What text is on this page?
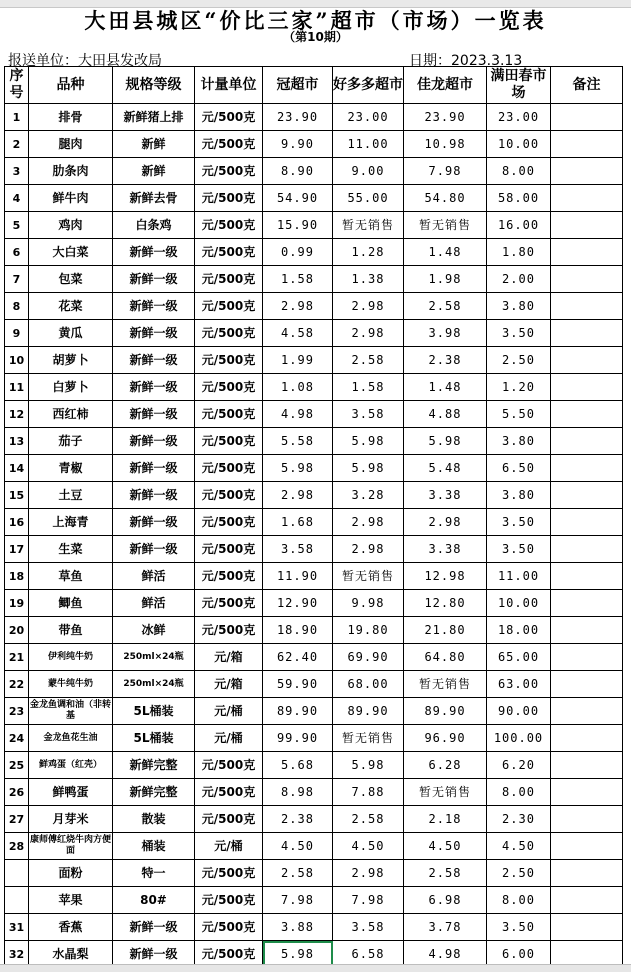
大田县城区“价比三家”超市（市场）一览表
（第10期）
报送单位：大田县发改局	日期：2023.3.13
序号	品种	规格等级	计量单位	冠超市	好多多超市	佳龙超市	满田春市场	备注
1	排骨	新鲜猪上排	元/500克	23.90	23.00	23.90	23.00	
2	腿肉	新鲜	元/500克	9.90	11.00	10.98	10.00	
3	肋条肉	新鲜	元/500克	8.90	9.00	7.98	8.00	
4	鲜牛肉	新鲜去骨	元/500克	54.90	55.00	54.80	58.00	
5	鸡肉	白条鸡	元/500克	15.90	暂无销售	暂无销售	16.00	
6	大白菜	新鲜一级	元/500克	0.99	1.28	1.48	1.80	
7	包菜	新鲜一级	元/500克	1.58	1.38	1.98	2.00	
8	花菜	新鲜一级	元/500克	2.98	2.98	2.58	3.80	
9	黄瓜	新鲜一级	元/500克	4.58	2.98	3.98	3.50	
10	胡萝卜	新鲜一级	元/500克	1.99	2.58	2.38	2.50	
11	白萝卜	新鲜一级	元/500克	1.08	1.58	1.48	1.20	
12	西红柿	新鲜一级	元/500克	4.98	3.58	4.88	5.50	
13	茄子	新鲜一级	元/500克	5.58	5.98	5.98	3.80	
14	青椒	新鲜一级	元/500克	5.98	5.98	5.48	6.50	
15	土豆	新鲜一级	元/500克	2.98	3.28	3.38	3.80	
16	上海青	新鲜一级	元/500克	1.68	2.98	2.98	3.50	
17	生菜	新鲜一级	元/500克	3.58	2.98	3.38	3.50	
18	草鱼	鲜活	元/500克	11.90	暂无销售	12.98	11.00	
19	鲫鱼	鲜活	元/500克	12.90	9.98	12.80	10.00	
20	带鱼	冰鲜	元/500克	18.90	19.80	21.80	18.00	
21	伊利纯牛奶	250ml×24瓶	元/箱	62.40	69.90	64.80	65.00	
22	蒙牛纯牛奶	250ml×24瓶	元/箱	59.90	68.00	暂无销售	63.00	
23	金龙鱼调和油（非转基	5L桶装	元/桶	89.90	89.90	89.90	90.00	
24	金龙鱼花生油	5L桶装	元/桶	99.90	暂无销售	96.90	100.00	
25	鲜鸡蛋（红壳）	新鲜完整	元/500克	5.68	5.98	6.28	6.20	
26	鲜鸭蛋	新鲜完整	元/500克	8.98	7.88	暂无销售	8.00	
27	月芽米	散装	元/500克	2.38	2.58	2.18	2.30	
28	康师傅红烧牛肉方便面	桶装	元/桶	4.50	4.50	4.50	4.50	
	面粉	特一	元/500克	2.58	2.98	2.58	2.50	
	苹果	80#	元/500克	7.98	7.98	6.98	8.00	
31	香蕉	新鲜一级	元/500克	3.88	3.58	3.78	3.50	
32	水晶梨	新鲜一级	元/500克	5.98	6.58	4.98	6.00	
